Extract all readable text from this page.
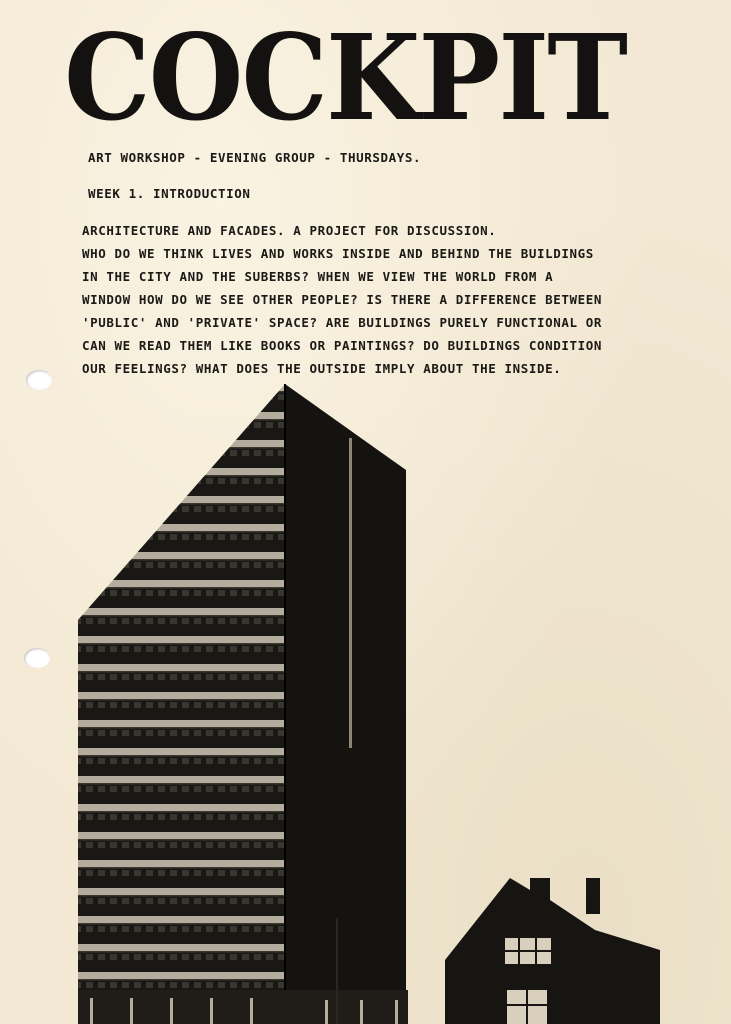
COCKPIT
ART WORKSHOP - EVENING GROUP - THURSDAYS.
WEEK 1. INTRODUCTION
ARCHITECTURE AND FACADES. A PROJECT FOR DISCUSSION.
WHO DO WE THINK LIVES AND WORKS INSIDE AND BEHIND THE BUILDINGS
IN THE CITY AND THE SUBERBS? WHEN WE VIEW THE WORLD FROM A
WINDOW HOW DO WE SEE OTHER PEOPLE? IS THERE A DIFFERENCE BETWEEN
'PUBLIC' AND 'PRIVATE' SPACE? ARE BUILDINGS PURELY FUNCTIONAL OR
CAN WE READ THEM LIKE BOOKS OR PAINTINGS? DO BUILDINGS CONDITION
OUR FEELINGS? WHAT DOES THE OUTSIDE IMPLY ABOUT THE INSIDE.
